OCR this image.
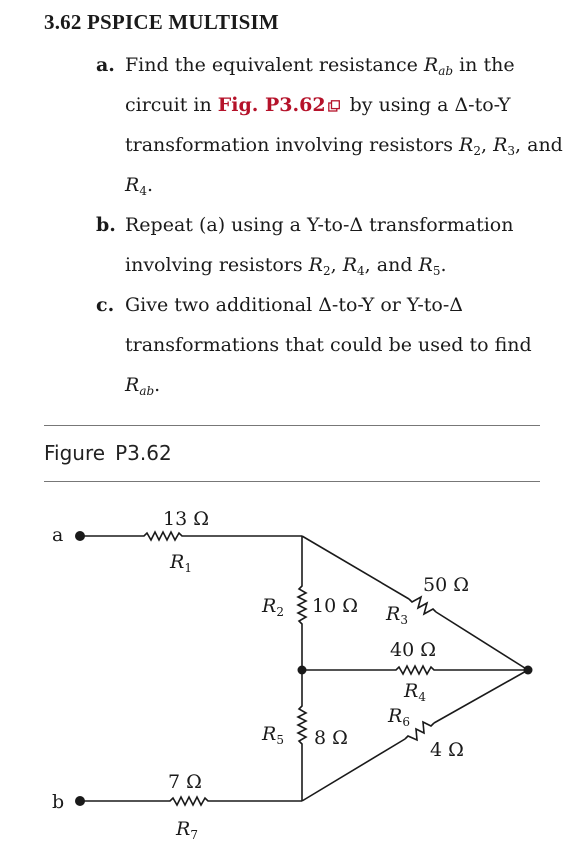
3.62 PSPICE MULTISIM
a. Find the equivalent resistance $R_{ab}$ in the circuit in Fig. P3.62 by using a Δ-to-Y transformation involving resistors $R_2$, $R_3$, and $R_4$.
b. Repeat (a) using a Y-to-Δ transformation involving resistors $R_2$, $R_4$, and $R_5$.
c. Give two additional Δ-to-Y or Y-to-Δ transformations that could be used to find $R_{ab}$.
Figure P3.62
a
b
13 Ω
$R_1$
$R_2$ 10 Ω
50 Ω
$R_3$
40 Ω
$R_4$
$R_5$ 8 Ω
$R_6$
4 Ω
7 Ω
$R_7$
